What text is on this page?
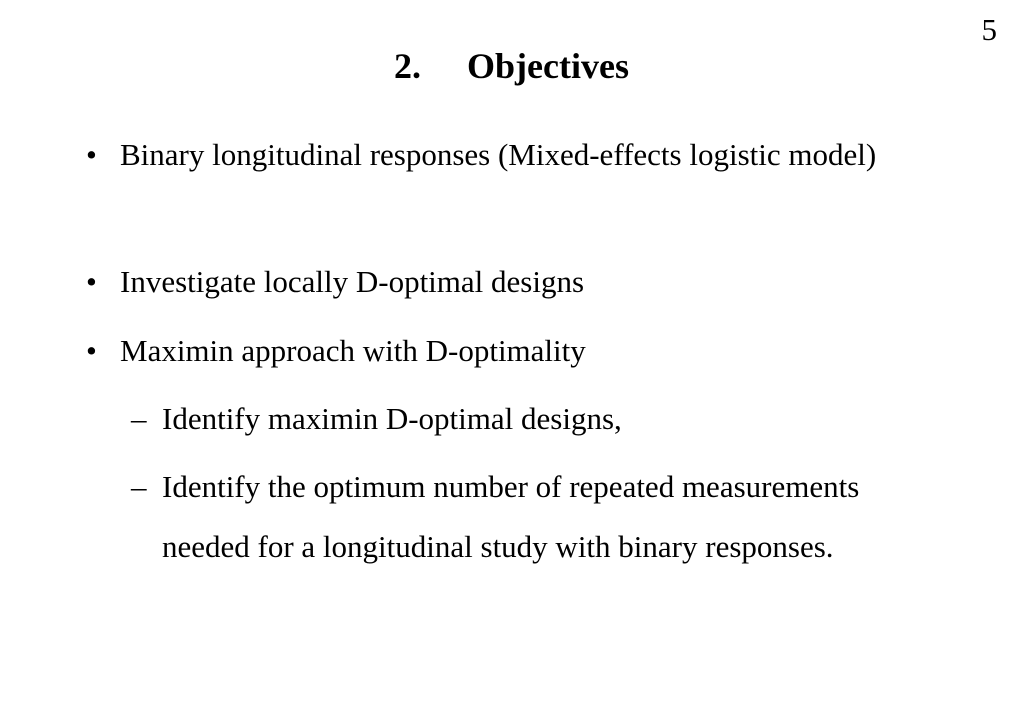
5
2. Objectives
• Binary longitudinal responses (Mixed-effects logistic model)
• Investigate locally D-optimal designs
• Maximin approach with D-optimality
– Identify maximin D-optimal designs,
– Identify the optimum number of repeated measurements needed for a longitudinal study with binary responses.
